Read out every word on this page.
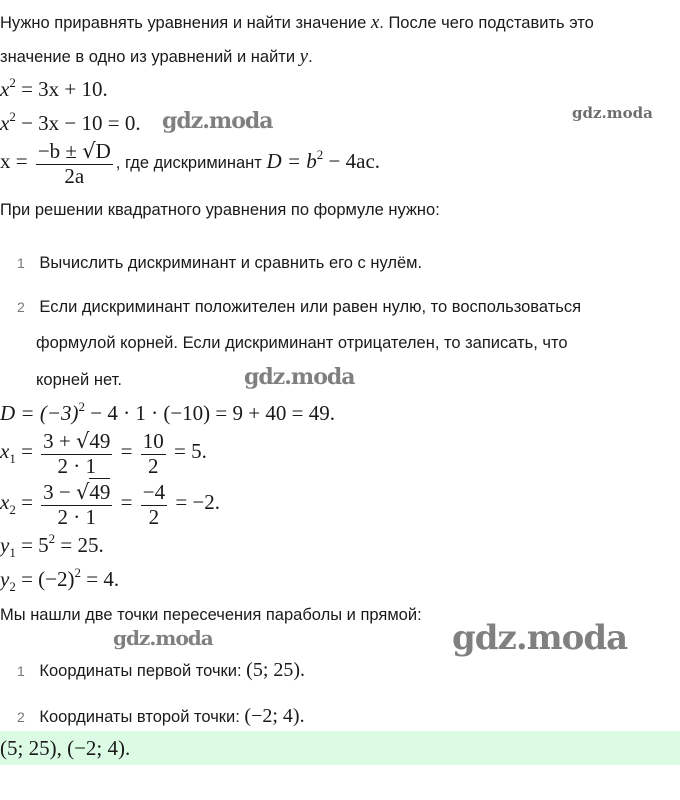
Нужно приравнять уравнения и найти значение x. После чего подставить это
значение в одно из уравнений и найти y.
$x^2 = 3x + 10$.
$x^2 - 3x - 10 = 0$.
$x = \frac{-b \pm √D}{2a}$ , где дискриминант $D = b^2 - 4ac$.
При решении квадратного уравнения по формуле нужно:
1 Вычислить дискриминант и сравнить его с нулём.
2 Если дискриминант положителен или равен нулю, то воспользоваться
формулой корней. Если дискриминант отрицателен, то записать, что
корней нет.
$D = (-3)^2 - 4 \cdot 1 \cdot (-10) = 9 + 40 = 49$.
$x_1 = \frac{3 + √49}{2 \cdot 1} = \frac{10}{2} = 5$.
$x_2 = \frac{3 - √49}{2 \cdot 1} = \frac{-4}{2} = -2$.
$y_1 = 5^2 = 25$.
$y_2 = (-2)^2 = 4$.
Мы нашли две точки пересечения параболы и прямой:
1 Координаты первой точки: (5; 25).
2 Координаты второй точки: (−2; 4).
(5; 25), (−2; 4).
gdz.moda	gdz.moda
gdz.moda
gdz.moda	gdz.moda
